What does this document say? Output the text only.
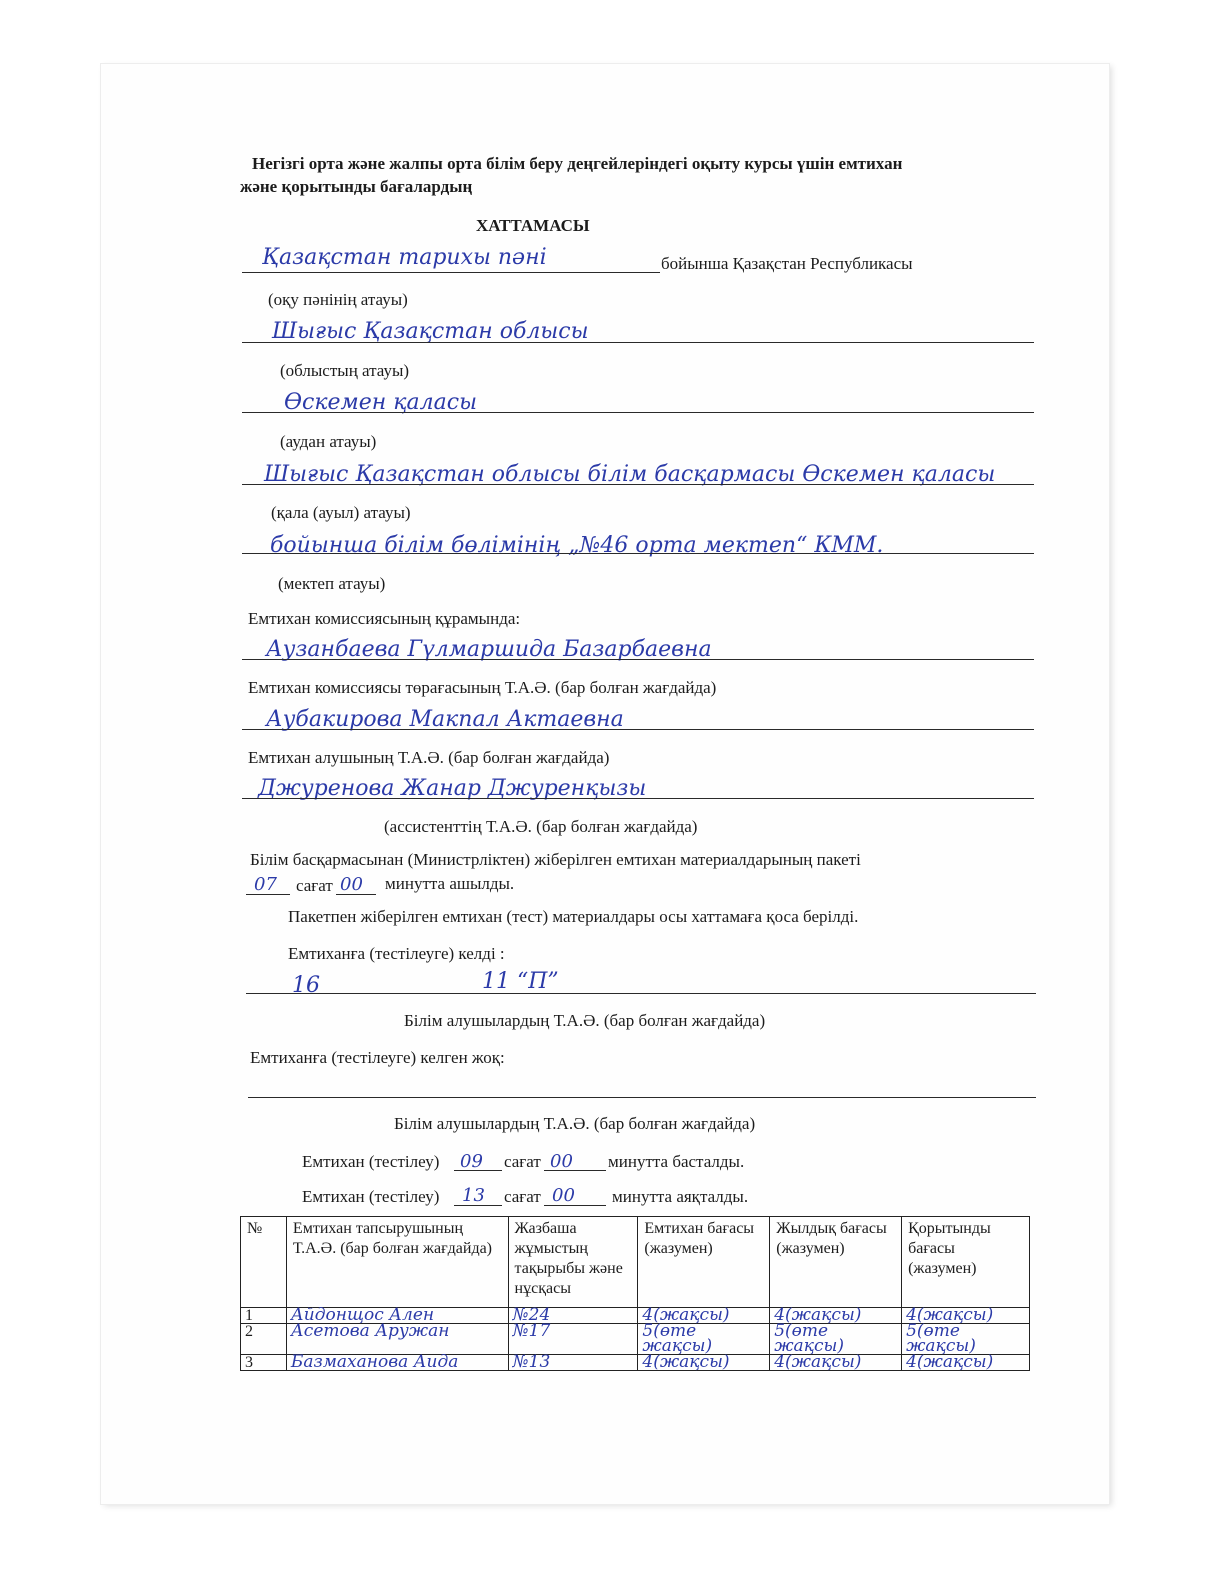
Негізгі орта және жалпы орта білім беру деңгейлеріндегі оқыту курсы үшін емтихан
және қорытынды бағалардың
ХАТТАМАСЫ
Қазақстан тарихы пәні	бойынша Қазақстан Республикасы
(оқу пәнінің атауы)
Шығыс Қазақстан облысы
(облыстың атауы)
Өскемен қаласы
(аудан атауы)
Шығыс Қазақстан облысы білім басқармасы Өскемен қаласы
(қала (ауыл) атауы)
бойынша білім бөлімінің „№46 орта мектеп“ КММ.
(мектеп атауы)
Емтихан комиссиясының құрамында:
Аузанбаева Гүлмаршида Базарбаевна
Емтихан комиссиясы төрағасының Т.А.Ә. (бар болған жағдайда)
Аубакирова Макпал Актаевна
Емтихан алушының Т.А.Ә. (бар болған жағдайда)
Джуренова Жанар Джуренқызы
(ассистенттің Т.А.Ә. (бар болған жағдайда)
Білім басқармасынан (Министрліктен) жіберілген емтихан материалдарының пакеті
07 сағат 00 минутта ашылды.
Пакетпен жіберілген емтихан (тест) материалдары осы хаттамаға қоса берілді.
Емтиханға (тестілеуге) келді :
16	11 “П”
Білім алушылардың Т.А.Ә. (бар болған жағдайда)
Емтиханға (тестілеуге) келген жоқ:
Білім алушылардың Т.А.Ә. (бар болған жағдайда)
Емтихан (тестілеу) 09 сағат 00 минутта басталды.
Емтихан (тестілеу) 13 сағат 00 минутта аяқталды.
№	Емтихан тапсырушының Т.А.Ә. (бар болған жағдайда)	Жазбаша жұмыстың тақырыбы және нұсқасы	Емтихан бағасы (жазумен)	Жылдық бағасы (жазумен)	Қорытынды бағасы (жазумен)
1	Айдонщос Ален	№24	4(жақсы)	4(жақсы)	4(жақсы)
2	Асетова Аружан	№17	5(өте жақсы)	5(өте жақсы)	5(өте жақсы)
3	Базмаханова Аида	№13	4(жақсы)	4(жақсы)	4(жақсы)
